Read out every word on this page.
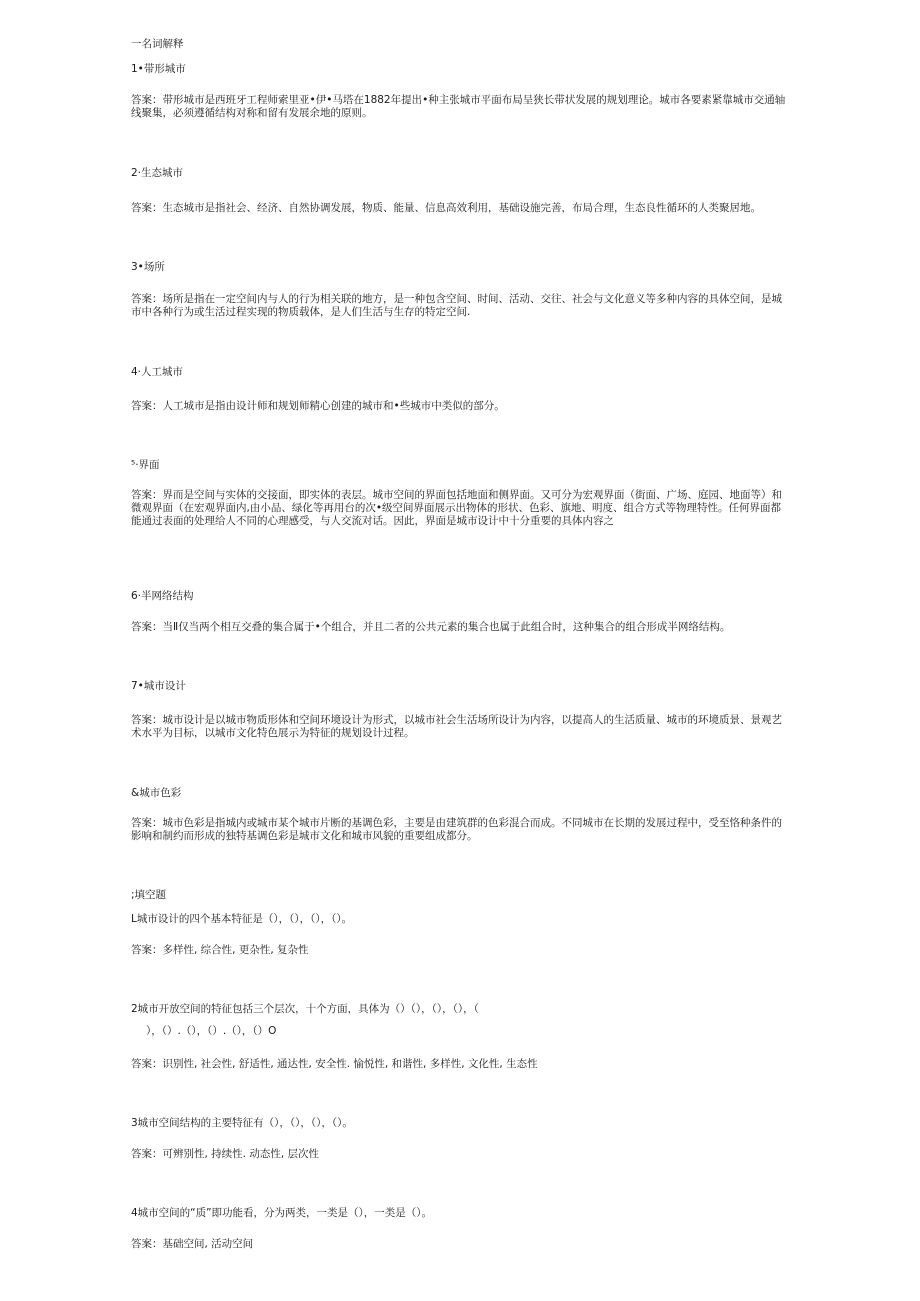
一名词解释
1•带形城市
答案：带形城市是西班牙工程师索里亚•伊•马塔在1882年提出•种主张城市平面布局呈狭长带状发展的规划理论。城市各要素紧靠城市交通轴线聚集，必须遵循结构对称和留有发展余地的原则。
2·生态城市
答案：生态城市是指社会、经济、自然协调发展，物质、能量、信息高效利用，基础设施完善，布局合理，生态良性循环的人类聚居地。
3•场所
答案：场所是指在一定空间内与人的行为相关联的地方，是一种包含空间、时间、活动、交往、社会与文化意义等多种内容的具体空间，是城市中各种行为或生活过程实现的物质载体，是人们生活与生存的特定空间.
4·人工城市
答案：人工城市是指由设计师和规划师精心创建的城市和•些城市中类似的部分。
⁵·界面
答案：界而是空间与实体的交接面，即实体的表层。城市空间的界面包括地面和侧界面。又可分为宏观界面（街面、广场、庭园、地面等）和微观界面（在宏观界面内,由小品、绿化等再用台的次•级空间界面展示出物体的形状、色彩、旗地、明度、组合方式等物理特性。任何界面都能通过表面的处理给人不同的心理感受，与人交流对话。因此，界面是城市设计中十分重要的具体内容之
6·半网络结构
答案：当Ⅱ仅当两个相互交叠的集合属于•个组合，并且二者的公共元素的集合也属于此组合时，这种集合的组合形成半网络结构。
7•城市设计
答案：城市设计是以城市物质形体和空间环境设计为形式，以城市社会生活场所设计为内容，以提高人的生活质量、城市的环境质景、景观艺术水平为目标，以城市文化特色展示为特征的规划设计过程。
&城市色彩
答案：城市色彩是指城内或城市某个城市片断的基调色彩，主要是由建筑群的色彩混合而成。不同城市在长期的发展过程中，受至恪种条件的影响和制约而形成的独特基调色彩是城市文化和城市风貌的重要组成都分。
;填空题
L城市设计的四个基本特征是（），（），（），（）。
答案：多样性, 综合性, 更杂性, 复杂性
2城市开放空间的特征包括三个层次，十个方面，具体为（）（），（），（），（
），（）.（），（）.（），（）O
答案：识别性, 社会性, 舒适性, 通达性, 安全性. 愉悦性, 和谐性, 多样性, 文化性, 生态性
3城市空间结构的主要特征有（），（），（），（）。
答案：可辨别性, 持续性. 动态性, 层次性
4城市空间的“质”即功能看，分为两类，一类是（），一类是（）。
答案：基础空间, 活动空间
